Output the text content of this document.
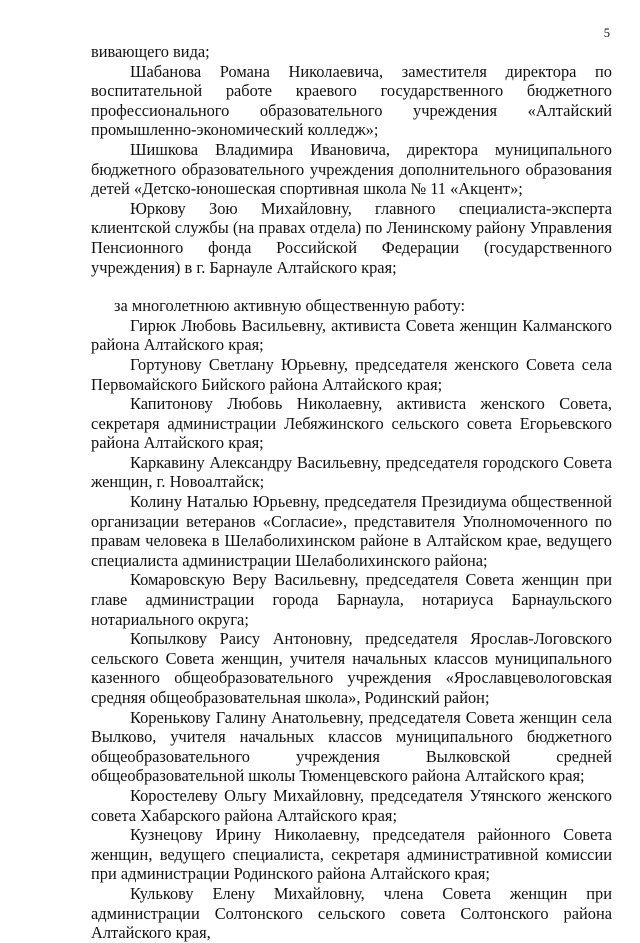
5

вивающего вида;

Шабанова Романа Николаевича, заместителя директора по воспитательной работе краевого государственного бюджетного профессионального образовательного учреждения «Алтайский промышленно-экономический колледж»;

Шишкова Владимира Ивановича, директора муниципального бюджетного образовательного учреждения дополнительного образования детей «Детско-юношеская спортивная школа № 11 «Акцент»;

Юркову Зою Михайловну, главного специалиста-эксперта клиентской службы (на правах отдела) по Ленинскому району Управления Пенсионного фонда Российской Федерации (государственного учреждения) в г. Барнауле Алтайского края;

за многолетнюю активную общественную работу:

Гирюк Любовь Васильевну, активиста Совета женщин Калманского района Алтайского края;

Гортунову Светлану Юрьевну, председателя женского Совета села Первомайского Бийского района Алтайского края;

Капитонову Любовь Николаевну, активиста женского Совета, секретаря администрации Лебяжинского сельского совета Егорьевского района Алтайского края;

Каркавину Александру Васильевну, председателя городского Совета женщин, г. Новоалтайск;

Колину Наталью Юрьевну, председателя Президиума общественной организации ветеранов «Согласие», представителя Уполномоченного по правам человека в Шелаболихинском районе в Алтайском крае, ведущего специалиста администрации Шелаболихинского района;

Комаровскую Веру Васильевну, председателя Совета женщин при главе администрации города Барнаула, нотариуса Барнаульского нотариального округа;

Копылкову Раису Антоновну, председателя Ярослав-Логовского сельского Совета женщин, учителя начальных классов муниципального казенного общеобразовательного учреждения «Ярославцевологовская средняя общеобразовательная школа», Родинский район;

Коренькову Галину Анатольевну, председателя Совета женщин села Вылково, учителя начальных классов муниципального бюджетного общеобразовательного учреждения Вылковской средней общеобразовательной школы Тюменцевского района Алтайского края;

Коростелеву Ольгу Михайловну, председателя Утянского женского совета Хабарского района Алтайского края;

Кузнецову Ирину Николаевну, председателя районного Совета женщин, ведущего специалиста, секретаря административной комиссии при администрации Родинского района Алтайского края;

Кулькову Елену Михайловну, члена Совета женщин при администрации Солтонского сельского совета Солтонского района Алтайского края,
